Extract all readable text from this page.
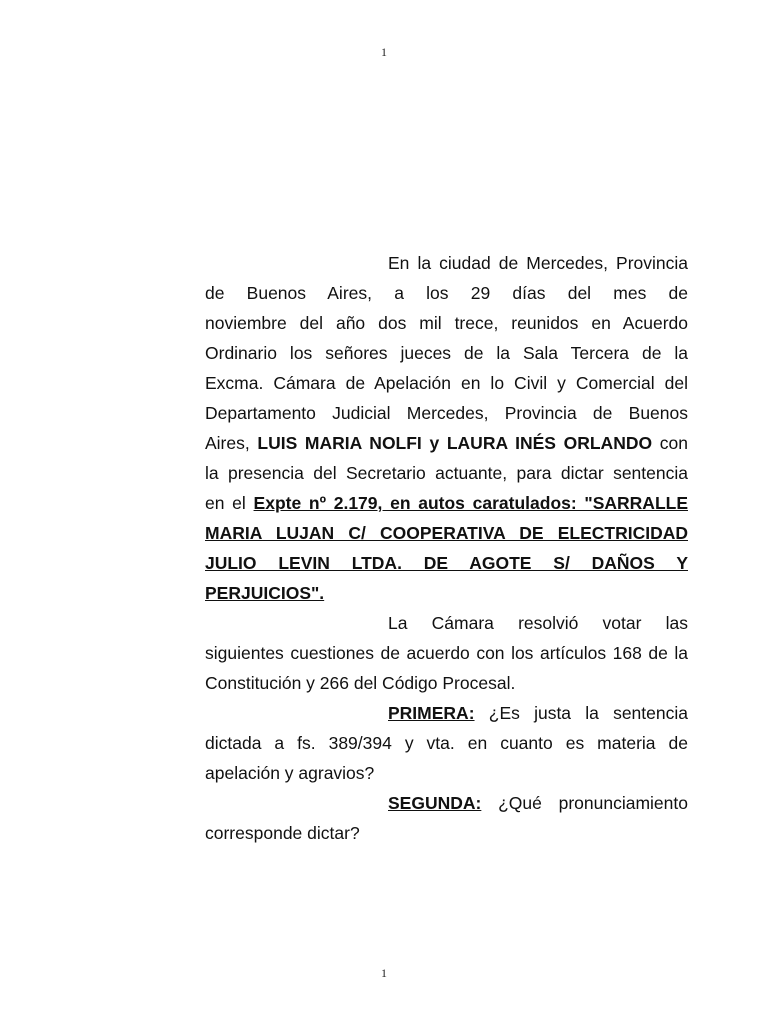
1
En la ciudad de Mercedes, Provincia
de Buenos Aires, a los 29 días del mes de
noviembre del año dos mil trece, reunidos en Acuerdo
Ordinario los señores jueces de la Sala Tercera de la
Excma. Cámara de Apelación en lo Civil y Comercial del
Departamento Judicial Mercedes, Provincia de Buenos
Aires, LUIS MARIA NOLFI y LAURA INÉS ORLANDO con
la presencia del Secretario actuante, para dictar sentencia
en el Expte nº 2.179, en autos caratulados: "SARRALLE
MARIA LUJAN C/ COOPERATIVA DE ELECTRICIDAD
JULIO LEVIN LTDA. DE AGOTE S/ DAÑOS Y
PERJUICIOS".
La Cámara resolvió votar las
siguientes cuestiones de acuerdo con los artículos 168 de la
Constitución y 266 del Código Procesal.
PRIMERA: ¿Es justa la sentencia
dictada a fs. 389/394 y vta. en cuanto es materia de
apelación y agravios?
SEGUNDA: ¿Qué pronunciamiento
corresponde dictar?
1
